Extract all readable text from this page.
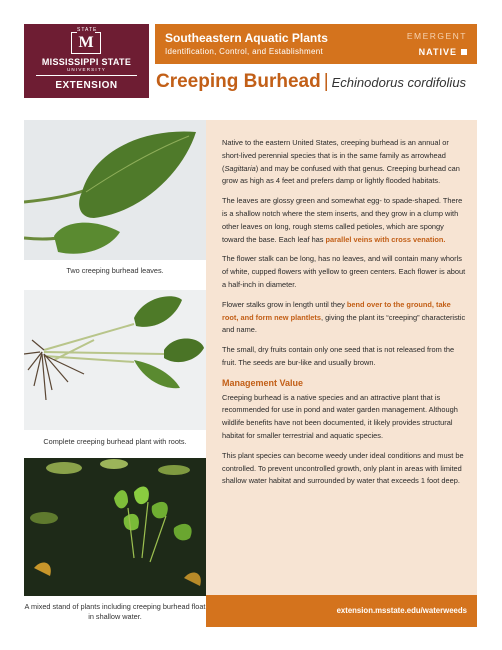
STATE
M
MISSISSIPPI STATE
UNIVERSITY
EXTENSION
Southeastern Aquatic Plants
Identification, Control, and Establishment
EMERGENT
NATIVE
Creeping Burhead | Echinodorus cordifolius
Two creeping burhead leaves.
Complete creeping burhead plant with roots.
A mixed stand of plants including creeping burhead float in shallow water.

Native to the eastern United States, creeping burhead is an annual or short-lived perennial species that is in the same family as arrowhead (Sagittaria) and may be confused with that genus. Creeping burhead can grow as high as 4 feet and prefers damp or lightly flooded habitats.

The leaves are glossy green and somewhat egg- to spade-shaped. There is a shallow notch where the stem inserts, and they grow in a clump with other leaves on long, rough stems called petioles, which are spongy toward the base. Each leaf has parallel veins with cross venation.

The flower stalk can be long, has no leaves, and will contain many whorls of white, cupped flowers with yellow to green centers. Each flower is about a half-inch in diameter.

Flower stalks grow in length until they bend over to the ground, take root, and form new plantlets, giving the plant its “creeping” characteristic and name.

The small, dry fruits contain only one seed that is not released from the fruit. The seeds are bur-like and usually brown.

Management Value

Creeping burhead is a native species and an attractive plant that is recommended for use in pond and water garden management. Although wildlife benefits have not been documented, it likely provides structural habitat for smaller terrestrial and aquatic species.

This plant species can become weedy under ideal conditions and must be controlled. To prevent uncontrolled growth, only plant in areas with limited shallow water habitat and surrounded by water that exceeds 1 foot deep.

extension.msstate.edu/waterweeds
